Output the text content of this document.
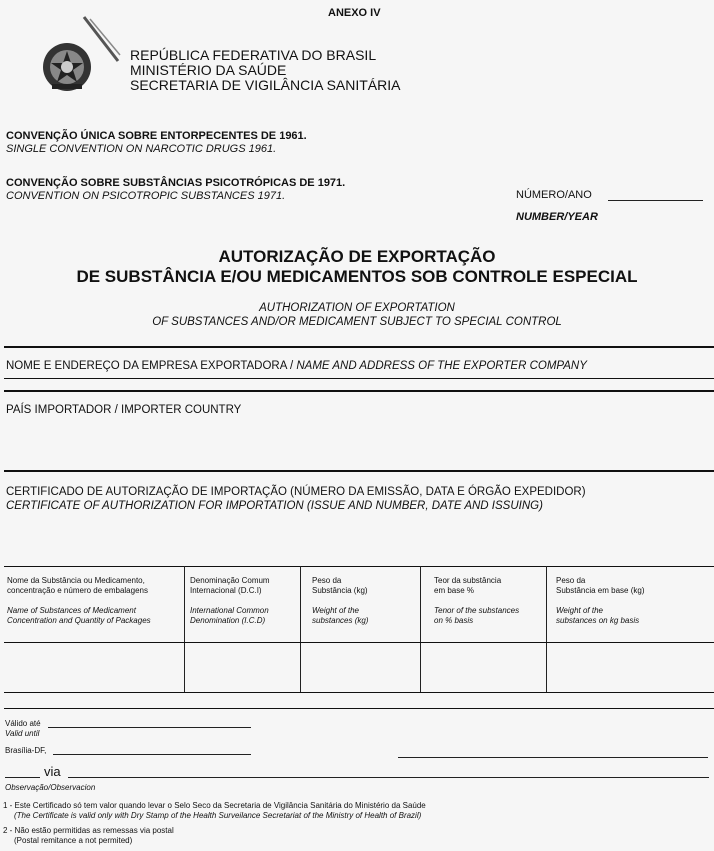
ANEXO IV
REPÚBLICA FEDERATIVA DO BRASIL
MINISTÉRIO DA SAÚDE
SECRETARIA DE VIGILÂNCIA SANITÁRIA
CONVENÇÃO ÚNICA SOBRE ENTORPECENTES DE 1961.
SINGLE CONVENTION ON NARCOTIC DRUGS 1961.
CONVENÇÃO SOBRE SUBSTÂNCIAS PSICOTRÓPICAS DE 1971.
CONVENTION ON PSICOTROPIC SUBSTANCES 1971.	NÚMERO/ANO
NUMBER/YEAR
AUTORIZAÇÃO DE EXPORTAÇÃO
DE SUBSTÂNCIA E/OU MEDICAMENTOS SOB CONTROLE ESPECIAL
AUTHORIZATION OF EXPORTATION
OF SUBSTANCES AND/OR MEDICAMENT SUBJECT TO SPECIAL CONTROL
NOME E ENDEREÇO DA EMPRESA EXPORTADORA / NAME AND ADDRESS OF THE EXPORTER COMPANY
PAÍS IMPORTADOR / IMPORTER COUNTRY
CERTIFICADO DE AUTORIZAÇÃO DE IMPORTAÇÃO (NÚMERO DA EMISSÃO, DATA E ÓRGÃO EXPEDIDOR)
CERTIFICATE OF AUTHORIZATION FOR IMPORTATION (ISSUE AND NUMBER, DATE AND ISSUING)
Nome da Substância ou Medicamento,
concentração e número de embalagens
Name of Substances of Medicament
Concentration and Quantity of Packages
Denominação Comum
Internacional (D.C.I)
International Common
Denomination (I.C.D)
Peso da
Substância (kg)
Weight of the
substances (kg)
Teor da substância
em base %
Tenor of the substances
on % basis
Peso da
Substância em base (kg)
Weight of the
substances on kg basis
Válido até
Valid until
Brasília-DF,
via
Observação/Observacion
1 - Este Certificado só tem valor quando levar o Selo Seco da Secretaria de Vigilância Sanitária do Ministério da Saúde
(The Certificate is valid only with Dry Stamp of the Health Surveilance Secretariat of the Ministry of Health of Brazil)
2 - Não estão permitidas as remessas via postal
(Postal remitance a not permited)
